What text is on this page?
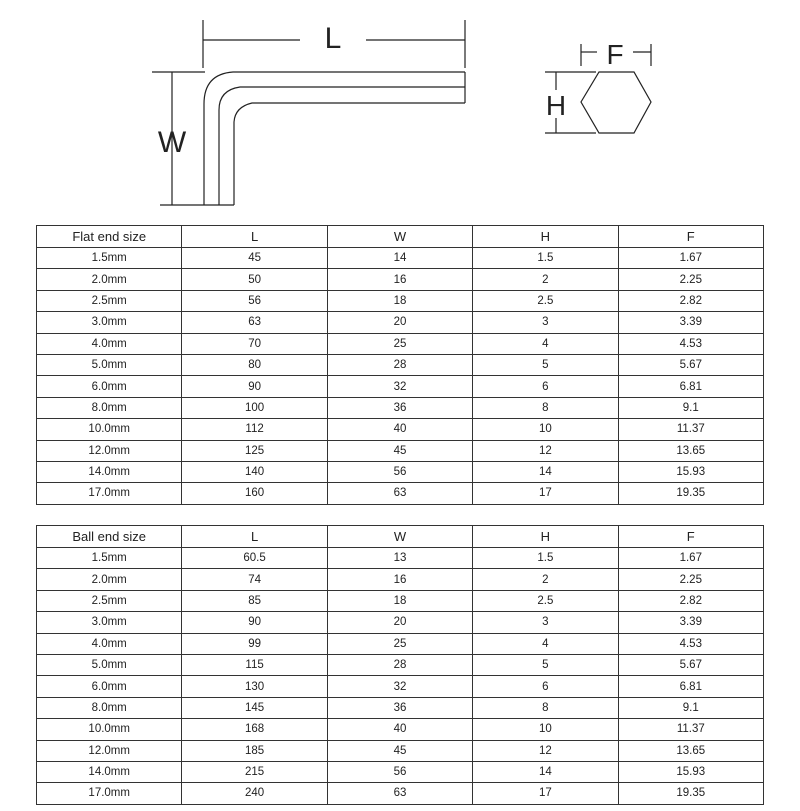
L
W
H
F
Flat end size	L	W	H	F
1.5mm	45	14	1.5	1.67
2.0mm	50	16	2	2.25
2.5mm	56	18	2.5	2.82
3.0mm	63	20	3	3.39
4.0mm	70	25	4	4.53
5.0mm	80	28	5	5.67
6.0mm	90	32	6	6.81
8.0mm	100	36	8	9.1
10.0mm	112	40	10	11.37
12.0mm	125	45	12	13.65
14.0mm	140	56	14	15.93
17.0mm	160	63	17	19.35
Ball end size	L	W	H	F
1.5mm	60.5	13	1.5	1.67
2.0mm	74	16	2	2.25
2.5mm	85	18	2.5	2.82
3.0mm	90	20	3	3.39
4.0mm	99	25	4	4.53
5.0mm	115	28	5	5.67
6.0mm	130	32	6	6.81
8.0mm	145	36	8	9.1
10.0mm	168	40	10	11.37
12.0mm	185	45	12	13.65
14.0mm	215	56	14	15.93
17.0mm	240	63	17	19.35
